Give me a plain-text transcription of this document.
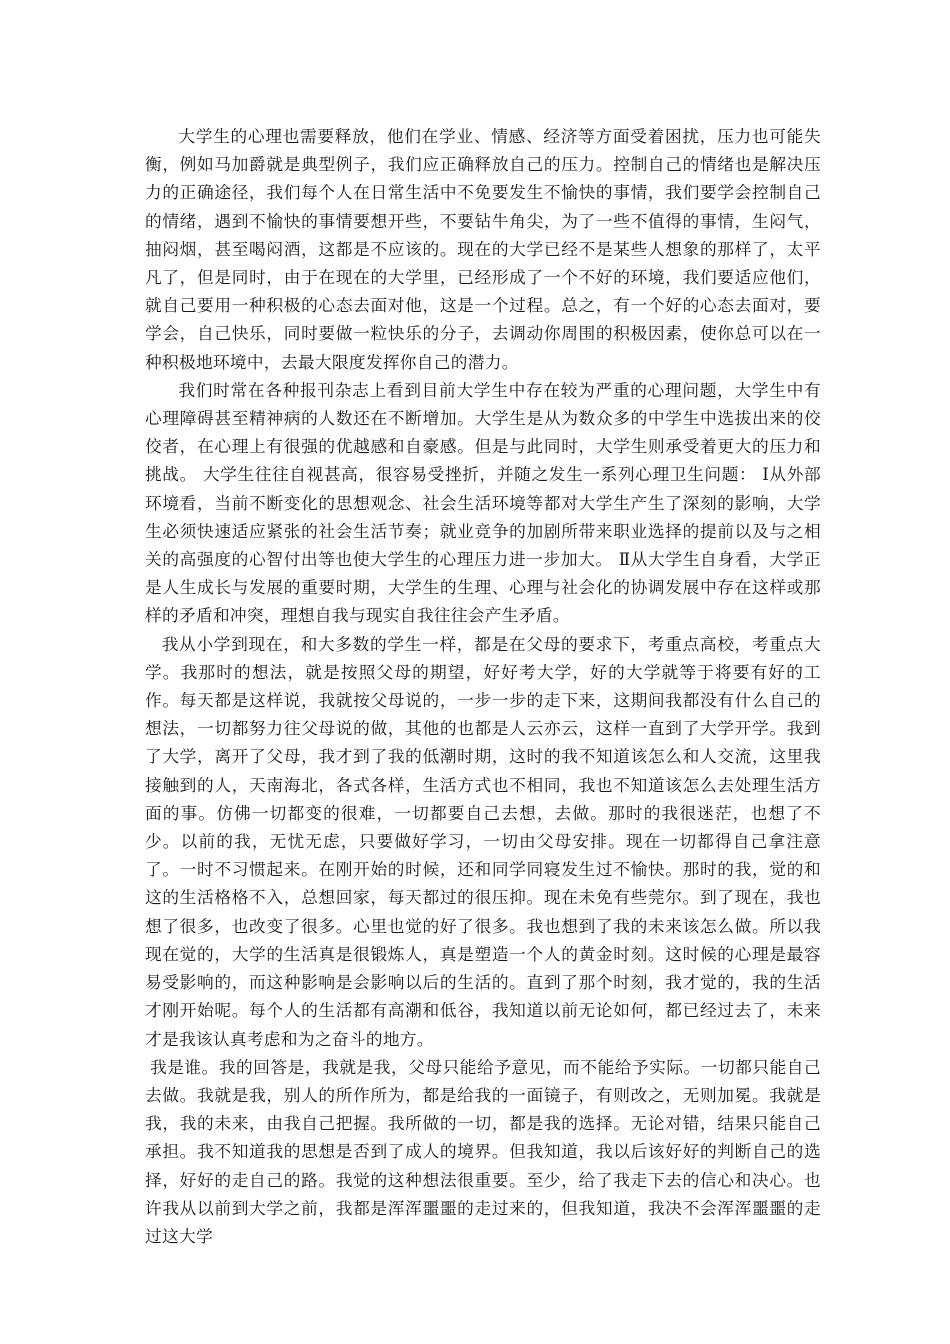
大学生的心理也需要释放，他们在学业、情感、经济等方面受着困扰，压力也可能失衡，例如马加爵就是典型例子，我们应正确释放自己的压力。控制自己的情绪也是解决压力的正确途径，我们每个人在日常生活中不免要发生不愉快的事情，我们要学会控制自己的情绪，遇到不愉快的事情要想开些，不要钻牛角尖，为了一些不值得的事情，生闷气，抽闷烟，甚至喝闷酒，这都是不应该的。现在的大学已经不是某些人想象的那样了，太平凡了，但是同时，由于在现在的大学里，已经形成了一个不好的环境，我们要适应他们，就自己要用一种积极的心态去面对他，这是一个过程。总之，有一个好的心态去面对，要学会，自己快乐，同时要做一粒快乐的分子，去调动你周围的积极因素，使你总可以在一种积极地环境中，去最大限度发挥你自己的潜力。

我们时常在各种报刊杂志上看到目前大学生中存在较为严重的心理问题，大学生中有心理障碍甚至精神病的人数还在不断增加。大学生是从为数众多的中学生中选拔出来的佼佼者，在心理上有很强的优越感和自豪感。但是与此同时，大学生则承受着更大的压力和挑战。 大学生往往自视甚高，很容易受挫折，并随之发生一系列心理卫生问题： Ⅰ从外部环境看，当前不断变化的思想观念、社会生活环境等都对大学生产生了深刻的影响，大学生必须快速适应紧张的社会生活节奏；就业竞争的加剧所带来职业选择的提前以及与之相关的高强度的心智付出等也使大学生的心理压力进一步加大。 Ⅱ从大学生自身看，大学正是人生成长与发展的重要时期，大学生的生理、心理与社会化的协调发展中存在这样或那样的矛盾和冲突，理想自我与现实自我往往会产生矛盾。

我从小学到现在，和大多数的学生一样，都是在父母的要求下，考重点高校，考重点大学。我那时的想法，就是按照父母的期望，好好考大学，好的大学就等于将要有好的工作。每天都是这样说，我就按父母说的，一步一步的走下来，这期间我都没有什么自己的想法，一切都努力往父母说的做，其他的也都是人云亦云，这样一直到了大学开学。我到了大学，离开了父母，我才到了我的低潮时期，这时的我不知道该怎么和人交流，这里我接触到的人，天南海北，各式各样，生活方式也不相同，我也不知道该怎么去处理生活方面的事。仿佛一切都变的很难，一切都要自己去想，去做。那时的我很迷茫，也想了不少。以前的我，无忧无虑，只要做好学习，一切由父母安排。现在一切都得自己拿注意了。一时不习惯起来。在刚开始的时候，还和同学同寝发生过不愉快。那时的我，觉的和这的生活格格不入，总想回家，每天都过的很压抑。现在未免有些莞尔。到了现在，我也想了很多，也改变了很多。心里也觉的好了很多。我也想到了我的未来该怎么做。所以我现在觉的，大学的生活真是很锻炼人，真是塑造一个人的黄金时刻。这时候的心理是最容易受影响的，而这种影响是会影响以后的生活的。直到了那个时刻，我才觉的，我的生活才刚开始呢。每个人的生活都有高潮和低谷，我知道以前无论如何，都已经过去了，未来才是我该认真考虑和为之奋斗的地方。

我是谁。我的回答是，我就是我，父母只能给予意见，而不能给予实际。一切都只能自己去做。我就是我，别人的所作所为，都是给我的一面镜子，有则改之，无则加冕。我就是我，我的未来，由我自己把握。我所做的一切，都是我的选择。无论对错，结果只能自己承担。我不知道我的思想是否到了成人的境界。但我知道，我以后该好好的判断自己的选择，好好的走自己的路。我觉的这种想法很重要。至少，给了我走下去的信心和决心。也许我从以前到大学之前，我都是浑浑噩噩的走过来的，但我知道，我决不会浑浑噩噩的走过这大学
